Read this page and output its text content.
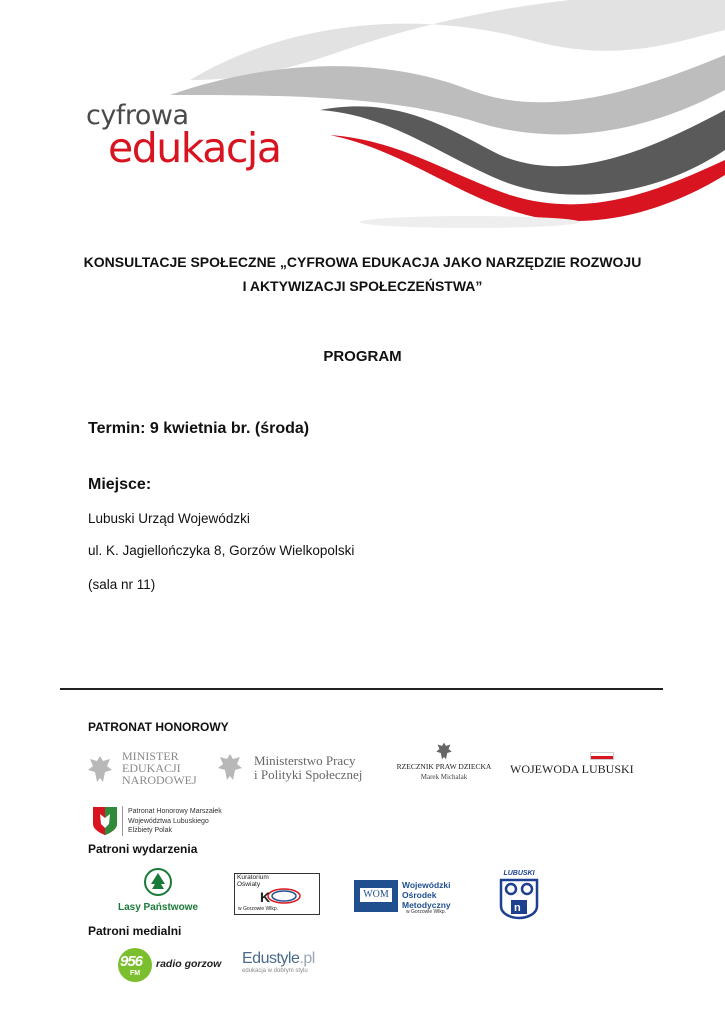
cyfrowa
edukacja
KONSULTACJE SPOŁECZNE „CYFROWA EDUKACJA JAKO NARZĘDZIE ROZWOJU
I AKTYWIZACJI SPOŁECZEŃSTWA”
PROGRAM
Termin: 9 kwietnia br. (środa)
Miejsce:
Lubuski Urząd Wojewódzki
ul. K. Jagiellończyka 8, Gorzów Wielkopolski
(sala nr 11)
PATRONAT HONOROWY
MINISTER
EDUKACJI
NARODOWEJ
Ministerstwo Pracy
i Polityki Społecznej
RZECZNIK PRAW DZIECKA
Marek Michalak
WOJEWODA LUBUSKI
Patronat Honorowy Marszałek
Województwa Lubuskiego
Elżbiety Polak
Patroni wydarzenia
Lasy Państwowe
Kuratorium
Oświaty
K
w Gorzowie Wlkp.
WOM
Wojewódzki
Ośrodek
Metodyczny
w Gorzowie Wlkp.
LUBUSKI
n
Patroni medialni
956
FM
radio gorzow Edustyle.pl
edukacja w dobrym stylu
